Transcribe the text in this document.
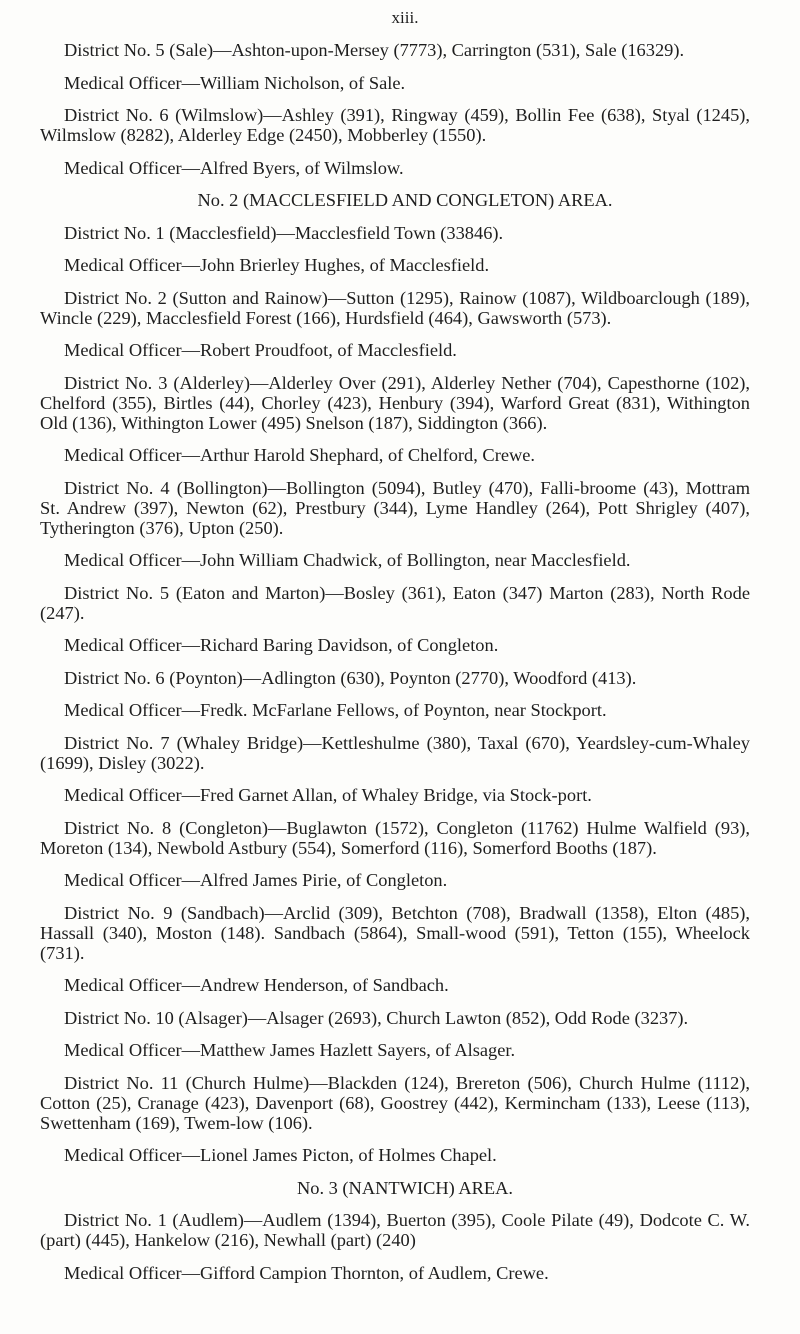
xiii.

District No. 5 (Sale)—Ashton-upon-Mersey (7773), Carrington (531), Sale (16329).

Medical Officer—William Nicholson, of Sale.

District No. 6 (Wilmslow)—Ashley (391), Ringway (459), Bollin Fee (638), Styal (1245), Wilmslow (8282), Alderley Edge (2450), Mobberley (1550).

Medical Officer—Alfred Byers, of Wilmslow.

No. 2 (MACCLESFIELD AND CONGLETON) AREA.

District No. 1 (Macclesfield)—Macclesfield Town (33846).

Medical Officer—John Brierley Hughes, of Macclesfield.

District No. 2 (Sutton and Rainow)—Sutton (1295), Rainow (1087), Wildboarclough (189), Wincle (229), Macclesfield Forest (166), Hurdsfield (464), Gawsworth (573).

Medical Officer—Robert Proudfoot, of Macclesfield.

District No. 3 (Alderley)—Alderley Over (291), Alderley Nether (704), Capesthorne (102), Chelford (355), Birtles (44), Chorley (423), Henbury (394), Warford Great (831), Withington Old (136), Withington Lower (495) Snelson (187), Siddington (366).

Medical Officer—Arthur Harold Shephard, of Chelford, Crewe.

District No. 4 (Bollington)—Bollington (5094), Butley (470), Falli-broome (43), Mottram St. Andrew (397), Newton (62), Prestbury (344), Lyme Handley (264), Pott Shrigley (407), Tytherington (376), Upton (250).

Medical Officer—John William Chadwick, of Bollington, near Macclesfield.

District No. 5 (Eaton and Marton)—Bosley (361), Eaton (347) Marton (283), North Rode (247).

Medical Officer—Richard Baring Davidson, of Congleton.

District No. 6 (Poynton)—Adlington (630), Poynton (2770), Woodford (413).

Medical Officer—Fredk. McFarlane Fellows, of Poynton, near Stockport.

District No. 7 (Whaley Bridge)—Kettleshulme (380), Taxal (670), Yeardsley-cum-Whaley (1699), Disley (3022).

Medical Officer—Fred Garnet Allan, of Whaley Bridge, via Stock-port.

District No. 8 (Congleton)—Buglawton (1572), Congleton (11762) Hulme Walfield (93), Moreton (134), Newbold Astbury (554), Somerford (116), Somerford Booths (187).

Medical Officer—Alfred James Pirie, of Congleton.

District No. 9 (Sandbach)—Arclid (309), Betchton (708), Bradwall (1358), Elton (485), Hassall (340), Moston (148). Sandbach (5864), Small-wood (591), Tetton (155), Wheelock (731).

Medical Officer—Andrew Henderson, of Sandbach.

District No. 10 (Alsager)—Alsager (2693), Church Lawton (852), Odd Rode (3237).

Medical Officer—Matthew James Hazlett Sayers, of Alsager.

District No. 11 (Church Hulme)—Blackden (124), Brereton (506), Church Hulme (1112), Cotton (25), Cranage (423), Davenport (68), Goostrey (442), Kermincham (133), Leese (113), Swettenham (169), Twem-low (106).

Medical Officer—Lionel James Picton, of Holmes Chapel.

No. 3 (NANTWICH) AREA.

District No. 1 (Audlem)—Audlem (1394), Buerton (395), Coole Pilate (49), Dodcote C. W. (part) (445), Hankelow (216), Newhall (part) (240)

Medical Officer—Gifford Campion Thornton, of Audlem, Crewe.
